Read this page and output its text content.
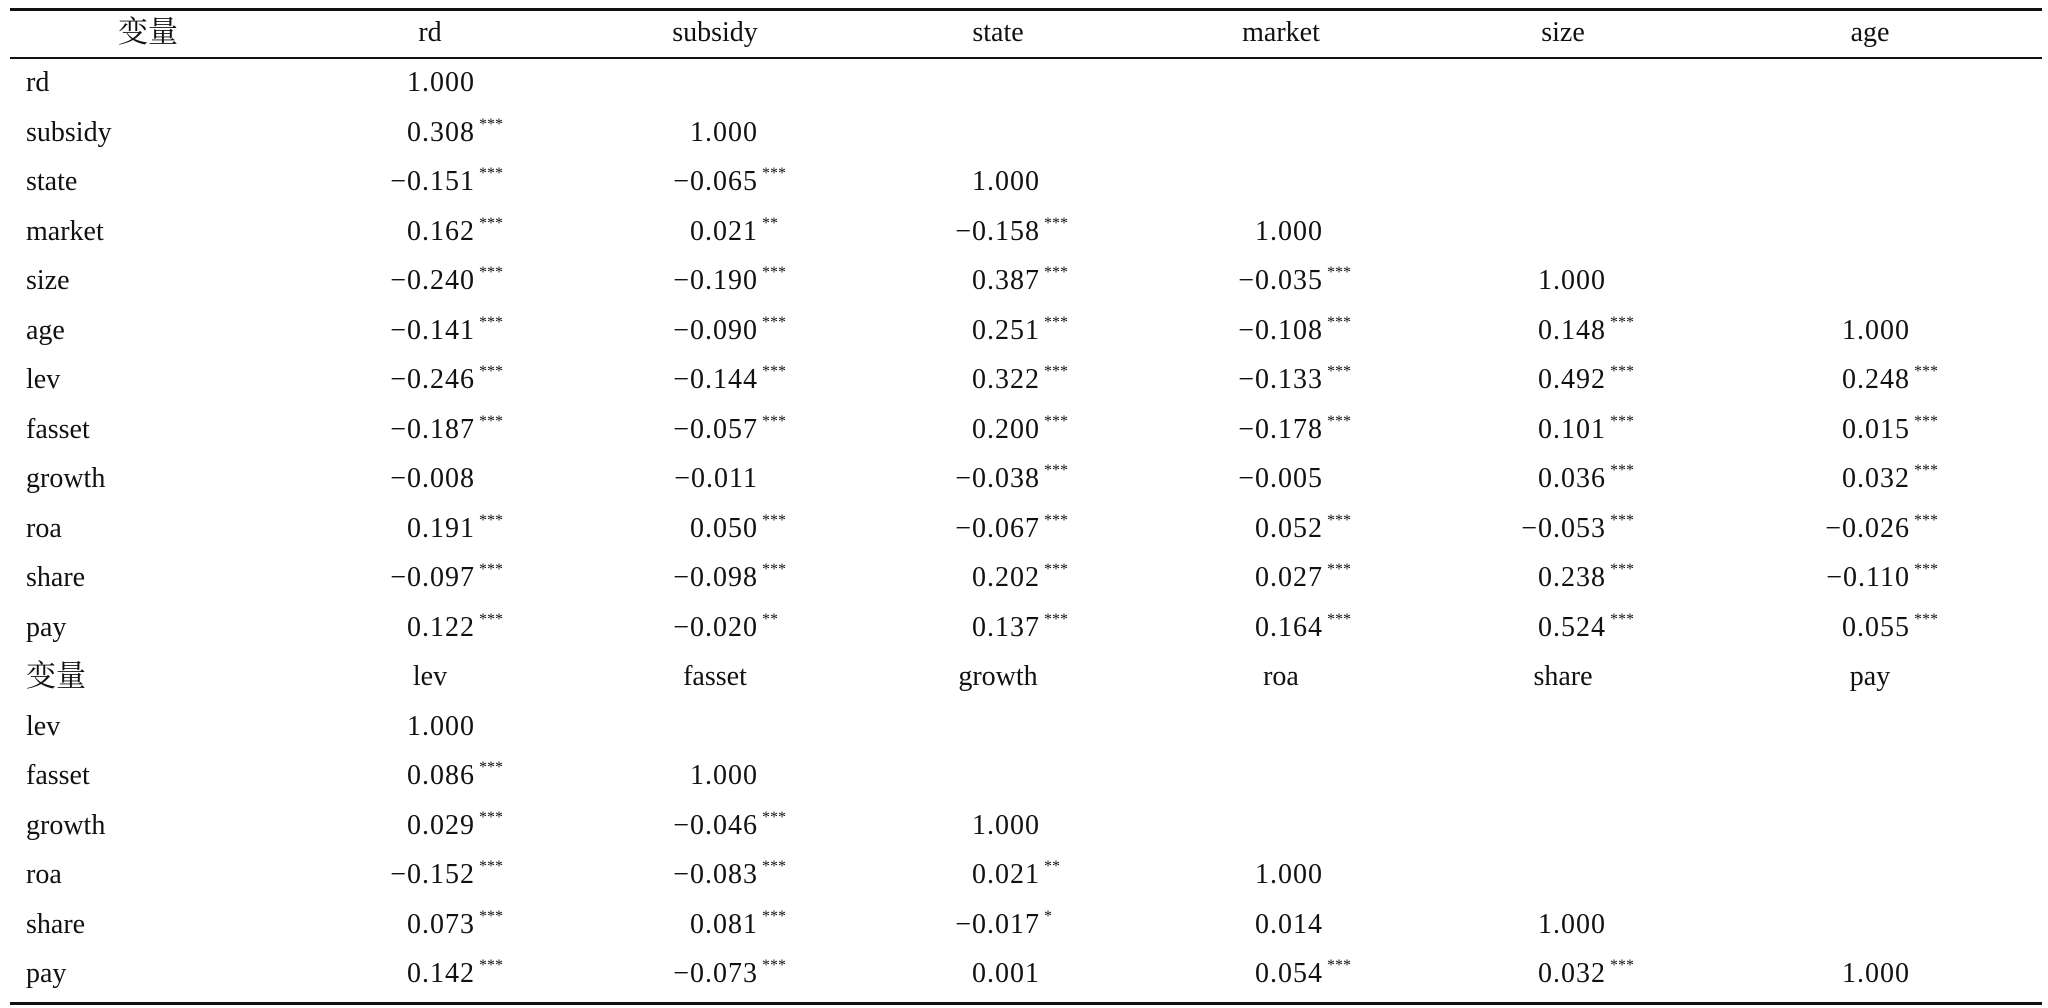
变量	rd	subsidy	state	market	size	age
rd	1.000
subsidy	0.308 ***	1.000
state	−0.151 ***	−0.065 ***	1.000
market	0.162 ***	0.021 **	−0.158 ***	1.000
size	−0.240 ***	−0.190 ***	0.387 ***	−0.035 ***	1.000
age	−0.141 ***	−0.090 ***	0.251 ***	−0.108 ***	0.148 ***	1.000
lev	−0.246 ***	−0.144 ***	0.322 ***	−0.133 ***	0.492 ***	0.248 ***
fasset	−0.187 ***	−0.057 ***	0.200 ***	−0.178 ***	0.101 ***	0.015 ***
growth	−0.008	−0.011	−0.038 ***	−0.005	0.036 ***	0.032 ***
roa	0.191 ***	0.050 ***	−0.067 ***	0.052 ***	−0.053 ***	−0.026 ***
share	−0.097 ***	−0.098 ***	0.202 ***	0.027 ***	0.238 ***	−0.110 ***
pay	0.122 ***	−0.020 **	0.137 ***	0.164 ***	0.524 ***	0.055 ***
变量	lev	fasset	growth	roa	share	pay
lev	1.000
fasset	0.086 ***	1.000
growth	0.029 ***	−0.046 ***	1.000
roa	−0.152 ***	−0.083 ***	0.021 **	1.000
share	0.073 ***	0.081 ***	−0.017 *	0.014	1.000
pay	0.142 ***	−0.073 ***	0.001	0.054 ***	0.032 ***	1.000
